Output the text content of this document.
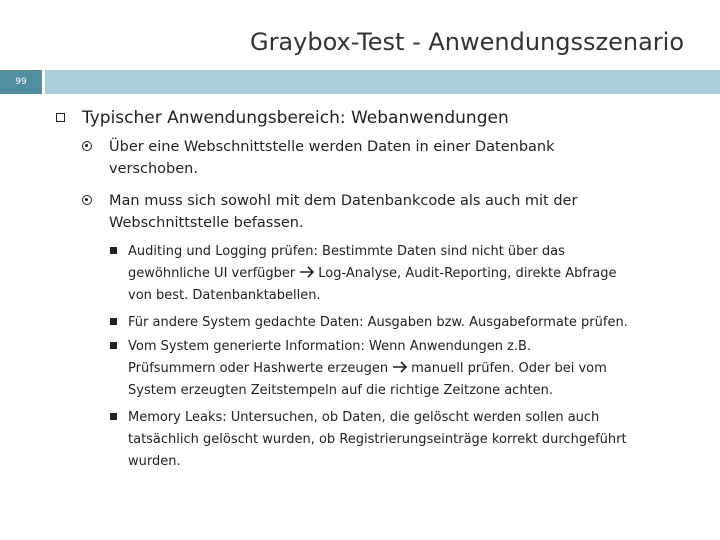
Graybox-Test - Anwendungsszenario
99
Typischer Anwendungsbereich: Webanwendungen
Über eine Webschnittstelle werden Daten in einer Datenbank verschoben.
Man muss sich sowohl mit dem Datenbankcode als auch mit der Webschnittstelle befassen.
Auditing und Logging prüfen: Bestimmte Daten sind nicht über das
gewöhnliche UI verfügber Log-Analyse, Audit-Reporting, direkte Abfrage
von best. Datenbanktabellen.
Für andere System gedachte Daten: Ausgaben bzw. Ausgabeformate prüfen.
Vom System generierte Information: Wenn Anwendungen z.B.
Prüfsummern oder Hashwerte erzeugen manuell prüfen. Oder bei vom
System erzeugten Zeitstempeln auf die richtige Zeitzone achten.
Memory Leaks: Untersuchen, ob Daten, die gelöscht werden sollen auch tatsächlich gelöscht wurden, ob Registrierungseinträge korrekt durchgeführt wurden.
